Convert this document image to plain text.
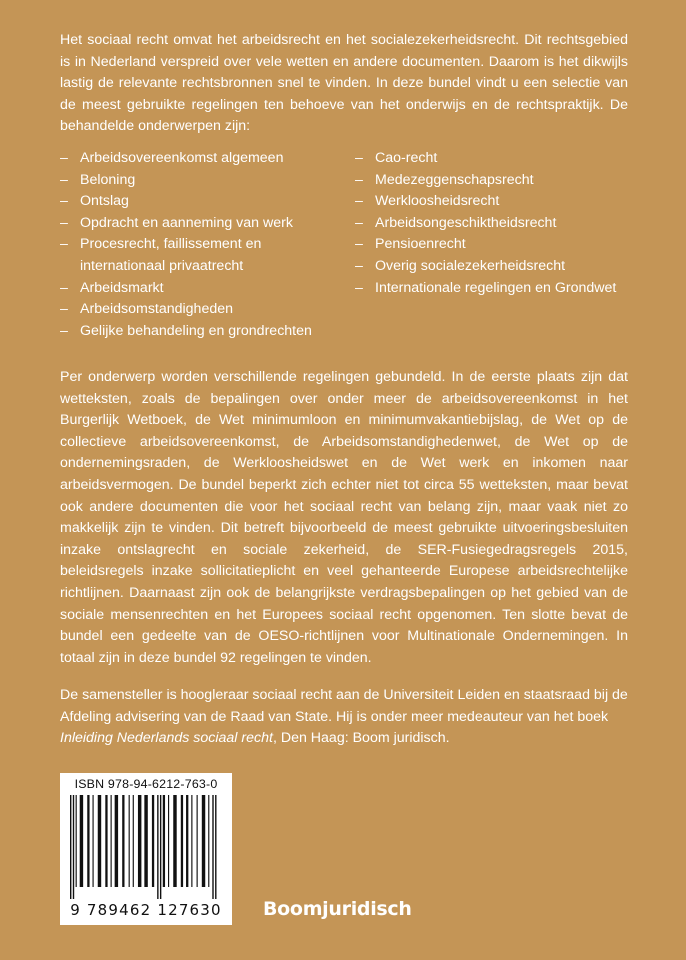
Het sociaal recht omvat het arbeidsrecht en het socialezekerheidsrecht. Dit rechtsgebied is in Nederland verspreid over vele wetten en andere documenten. Daarom is het dikwijls lastig de relevante rechtsbronnen snel te vinden. In deze bundel vindt u een selectie van de meest gebruikte regelingen ten behoeve van het onderwijs en de rechtspraktijk. De behandelde onderwerpen zijn:

– Arbeidsovereenkomst algemeen
– Beloning
– Ontslag
– Opdracht en aanneming van werk
– Procesrecht, faillissement en internationaal privaatrecht
– Arbeidsmarkt
– Arbeidsomstandigheden
– Gelijke behandeling en grondrechten
– Cao-recht
– Medezeggenschapsrecht
– Werkloosheidsrecht
– Arbeidsongeschiktheidsrecht
– Pensioenrecht
– Overig socialezekerheidsrecht
– Internationale regelingen en Grondwet

Per onderwerp worden verschillende regelingen gebundeld. In de eerste plaats zijn dat wetteksten, zoals de bepalingen over onder meer de arbeidsovereenkomst in het Burgerlijk Wetboek, de Wet minimumloon en minimumvakantiebijslag, de Wet op de collectieve arbeidsovereenkomst, de Arbeidsomstandighedenwet, de Wet op de ondernemingsraden, de Werkloosheidswet en de Wet werk en inkomen naar arbeidsvermogen. De bundel beperkt zich echter niet tot circa 55 wetteksten, maar bevat ook andere documenten die voor het sociaal recht van belang zijn, maar vaak niet zo makkelijk zijn te vinden. Dit betreft bijvoorbeeld de meest gebruikte uitvoeringsbesluiten inzake ontslagrecht en sociale zekerheid, de SER-Fusiegedragsregels 2015, beleidsregels inzake sollicitatieplicht en veel gehanteerde Europese arbeidsrechtelijke richtlijnen. Daarnaast zijn ook de belangrijkste verdragsbepalingen op het gebied van de sociale mensenrechten en het Europees sociaal recht opgenomen. Ten slotte bevat de bundel een gedeelte van de OESO-richtlijnen voor Multinationale Ondernemingen. In totaal zijn in deze bundel 92 regelingen te vinden.

De samensteller is hoogleraar sociaal recht aan de Universiteit Leiden en staatsraad bij de Afdeling advisering van de Raad van State. Hij is onder meer medeauteur van het boek Inleiding Nederlands sociaal recht, Den Haag: Boom juridisch.

ISBN 978-94-6212-763-0
9 789462 127630	Boomjuridisch
